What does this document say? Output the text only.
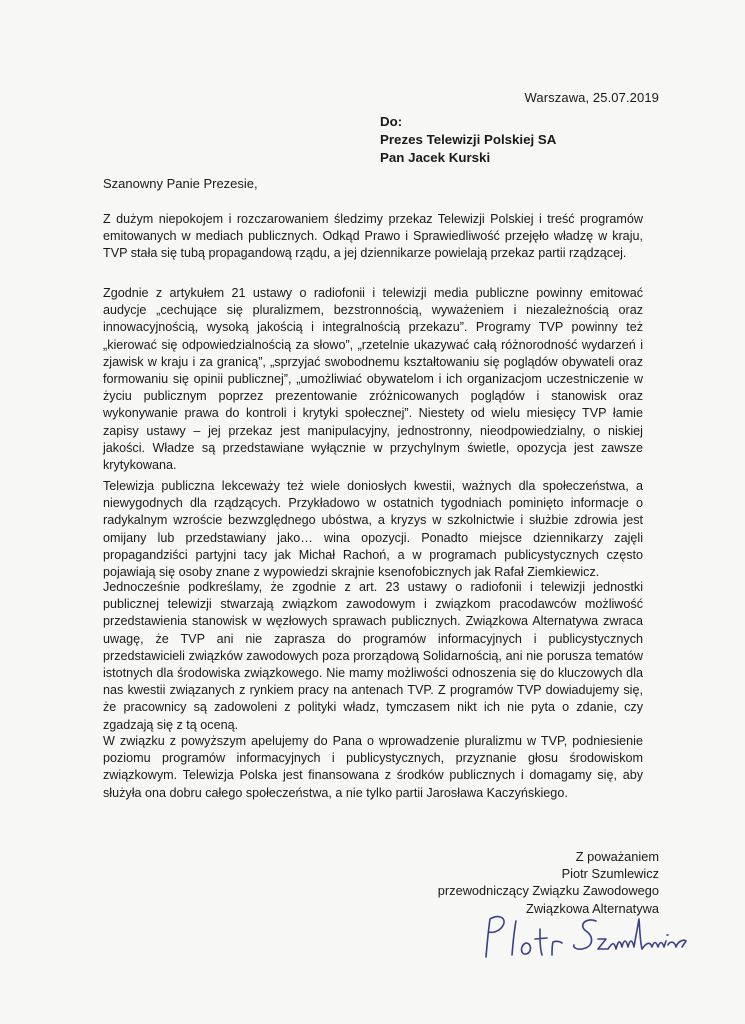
Warszawa, 25.07.2019
Do:
Prezes Telewizji Polskiej SA
Pan Jacek Kurski
Szanowny Panie Prezesie,

Z dużym niepokojem i rozczarowaniem śledzimy przekaz Telewizji Polskiej i treść programów emitowanych w mediach publicznych. Odkąd Prawo i Sprawiedliwość przejęło władzę w kraju, TVP stała się tubą propagandową rządu, a jej dziennikarze powielają przekaz partii rządzącej.

Zgodnie z artykułem 21 ustawy o radiofonii i telewizji media publiczne powinny emitować audycje „cechujące się pluralizmem, bezstronnością, wyważeniem i niezależnością oraz innowacyjnością, wysoką jakością i integralnością przekazu”. Programy TVP powinny też „kierować się odpowiedzialnością za słowo”, „rzetelnie ukazywać całą różnorodność wydarzeń i zjawisk w kraju i za granicą”, „sprzyjać swobodnemu kształtowaniu się poglądów obywateli oraz formowaniu się opinii publicznej”, „umożliwiać obywatelom i ich organizacjom uczestniczenie w życiu publicznym poprzez prezentowanie zróżnicowanych poglądów i stanowisk oraz wykonywanie prawa do kontroli i krytyki społecznej”. Niestety od wielu miesięcy TVP łamie zapisy ustawy – jej przekaz jest manipulacyjny, jednostronny, nieodpowiedzialny, o niskiej jakości. Władze są przedstawiane wyłącznie w przychylnym świetle, opozycja jest zawsze krytykowana.

Telewizja publiczna lekceważy też wiele doniosłych kwestii, ważnych dla społeczeństwa, a niewygodnych dla rządzących. Przykładowo w ostatnich tygodniach pominięto informacje o radykalnym wzroście bezwzględnego ubóstwa, a kryzys w szkolnictwie i służbie zdrowia jest omijany lub przedstawiany jako… wina opozycji. Ponadto miejsce dziennikarzy zajęli propagandziści partyjni tacy jak Michał Rachoń, a w programach publicystycznych często pojawiają się osoby znane z wypowiedzi skrajnie ksenofobicznych jak Rafał Ziemkiewicz.

Jednocześnie podkreślamy, że zgodnie z art. 23 ustawy o radiofonii i telewizji jednostki publicznej telewizji stwarzają związkom zawodowym i związkom pracodawców możliwość przedstawienia stanowisk w węzłowych sprawach publicznych. Związkowa Alternatywa zwraca uwagę, że TVP ani nie zaprasza do programów informacyjnych i publicystycznych przedstawicieli związków zawodowych poza prorządową Solidarnością, ani nie porusza tematów istotnych dla środowiska związkowego. Nie mamy możliwości odnoszenia się do kluczowych dla nas kwestii związanych z rynkiem pracy na antenach TVP. Z programów TVP dowiadujemy się, że pracownicy są zadowoleni z polityki władz, tymczasem nikt ich nie pyta o zdanie, czy zgadzają się z tą oceną.

W związku z powyższym apelujemy do Pana o wprowadzenie pluralizmu w TVP, podniesienie poziomu programów informacyjnych i publicystycznych, przyznanie głosu środowiskom związkowym. Telewizja Polska jest finansowana z środków publicznych i domagamy się, aby służyła ona dobru całego społeczeństwa, a nie tylko partii Jarosława Kaczyńskiego.

Z poważaniem
Piotr Szumlewicz
przewodniczący Związku Zawodowego
Związkowa Alternatywa
